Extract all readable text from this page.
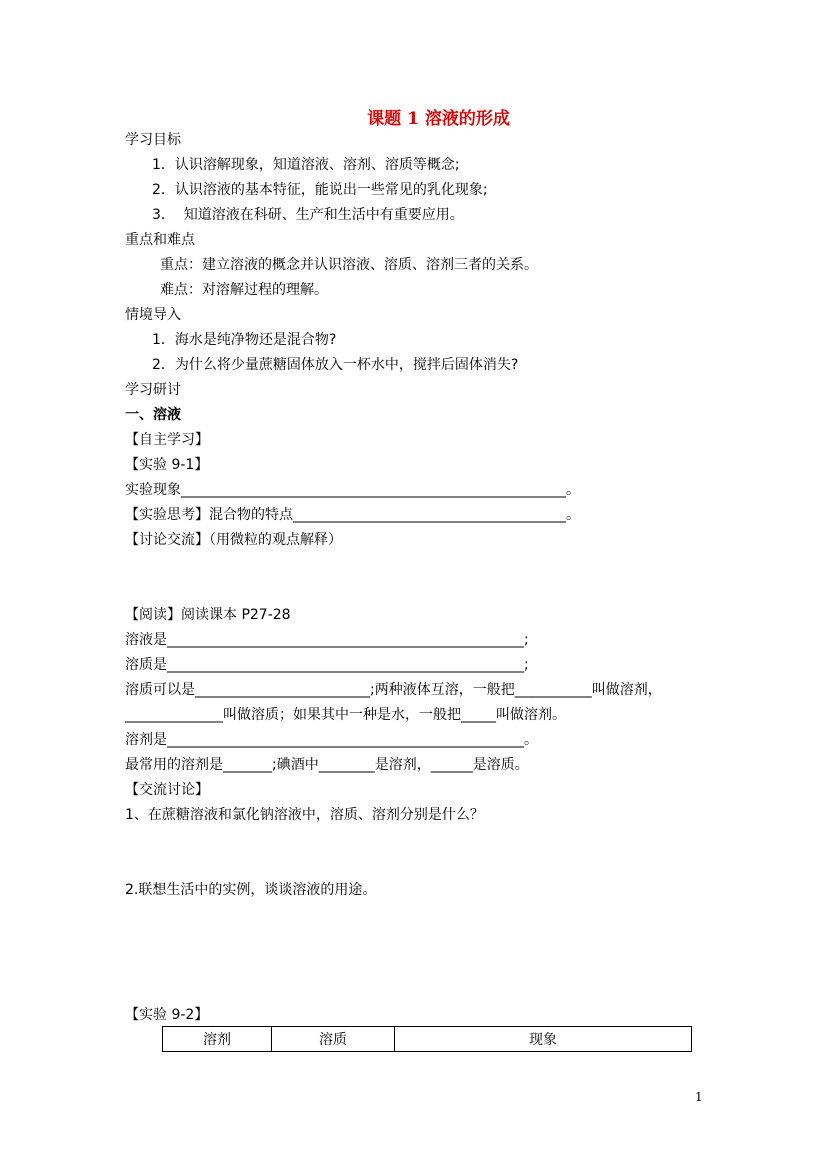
课题 1 溶液的形成
学习目标
1．认识溶解现象，知道溶液、溶剂、溶质等概念;
2．认识溶液的基本特征，能说出一些常见的乳化现象;
3．  知道溶液在科研、生产和生活中有重要应用。
重点和难点
重点：建立溶液的概念并认识溶液、溶质、溶剂三者的关系。
难点：对溶解过程的理解。
情境导入
1．海水是纯净物还是混合物?
2．为什么将少量蔗糖固体放入一杯水中，搅拌后固体消失?
学习研讨
一、溶液
【自主学习】
【实验 9-1】
实验现象_______________________________________________________。
【实验思考】混合物的特点_______________________________________。
【讨论交流】（用微粒的观点解释）
【阅读】阅读课本 P27-28
溶液是___________________________________________________;
溶质是___________________________________________________;
溶质可以是_________________________;两种液体互溶，一般把___________叫做溶剂，
______________叫做溶质；如果其中一种是水，一般把_____叫做溶剂。
溶剂是___________________________________________________。
最常用的溶剂是_______;碘酒中________是溶剂，______是溶质。
【交流讨论】
1、在蔗糖溶液和氯化钠溶液中，溶质、溶剂分别是什么？
2.联想生活中的实例，谈谈溶液的用途。
【实验 9-2】
溶剂	溶质	现象
1
